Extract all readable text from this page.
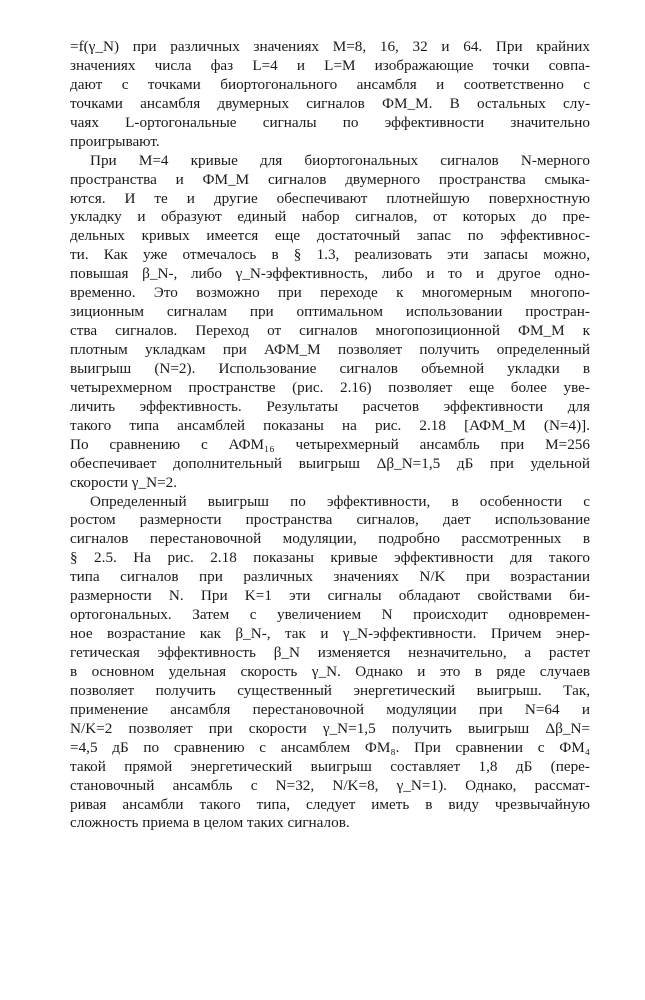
=f(γ_N) при различных значениях M=8, 16, 32 и 64. При крайних
значениях числа фаз L=4 и L=M изображающие точки совпа-
дают с точками биортогонального ансамбля и соответственно с
точками ансамбля двумерных сигналов ФМ_M. В остальных слу-
чаях L-ортогональные сигналы по эффективности значительно
проигрывают.
При M=4 кривые для биортогональных сигналов N-мерного
пространства и ФМ_M сигналов двумерного пространства смыка-
ются. И те и другие обеспечивают плотнейшую поверхностную
укладку и образуют единый набор сигналов, от которых до пре-
дельных кривых имеется еще достаточный запас по эффективнос-
ти. Как уже отмечалось в § 1.3, реализовать эти запасы можно,
повышая β_N-, либо γ_N-эффективность, либо и то и другое одно-
временно. Это возможно при переходе к многомерным многопо-
зиционным сигналам при оптимальном использовании простран-
ства сигналов. Переход от сигналов многопозиционной ФМ_M к
плотным укладкам при АФМ_M позволяет получить определенный
выигрыш (N=2). Использование сигналов объемной укладки в
четырехмерном пространстве (рис. 2.16) позволяет еще более уве-
личить эффективность. Результаты расчетов эффективности для
такого типа ансамблей показаны на рис. 2.18 [АФМ_M (N=4)].
По сравнению с АФМ₁₆ четырехмерный ансамбль при M=256
обеспечивает дополнительный выигрыш Δβ_N=1,5 дБ при удельной
скорости γ_N=2.
Определенный выигрыш по эффективности, в особенности с
ростом размерности пространства сигналов, дает использование
сигналов перестановочной модуляции, подробно рассмотренных в
§ 2.5. На рис. 2.18 показаны кривые эффективности для такого
типа сигналов при различных значениях N/K при возрастании
размерности N. При K=1 эти сигналы обладают свойствами би-
ортогональных. Затем с увеличением N происходит одновремен-
ное возрастание как β_N-, так и γ_N-эффективности. Причем энер-
гетическая эффективность β_N изменяется незначительно, а растет
в основном удельная скорость γ_N. Однако и это в ряде случаев
позволяет получить существенный энергетический выигрыш. Так,
применение ансамбля перестановочной модуляции при N=64 и
N/K=2 позволяет при скорости γ_N=1,5 получить выигрыш Δβ_N=
=4,5 дБ по сравнению с ансамблем ФМ₈. При сравнении с ФМ₄
такой прямой энергетический выигрыш составляет 1,8 дБ (пере-
становочный ансамбль с N=32, N/K=8, γ_N=1). Однако, рассмат-
ривая ансамбли такого типа, следует иметь в виду чрезвычайную
сложность приема в целом таких сигналов.
